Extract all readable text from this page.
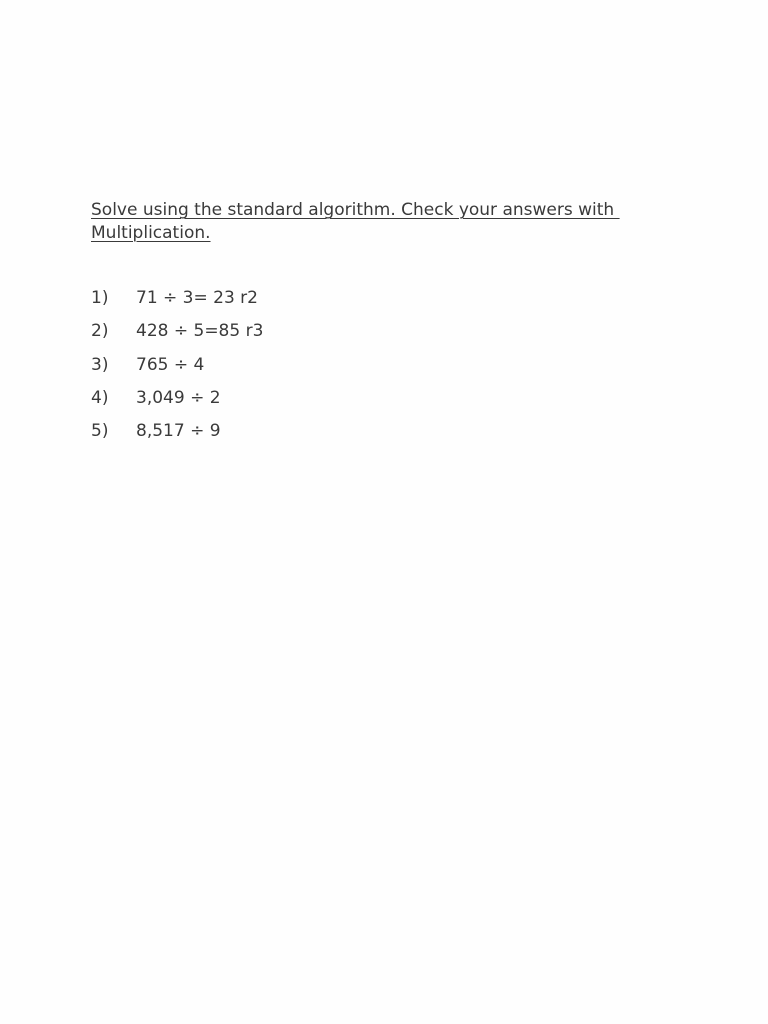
Solve using the standard algorithm. Check your answers with
Multiplication.
1)	71 ÷ 3= 23 r2
2)	428 ÷ 5=85 r3
3)	765 ÷ 4
4)	3,049 ÷ 2
5)	8,517 ÷ 9
